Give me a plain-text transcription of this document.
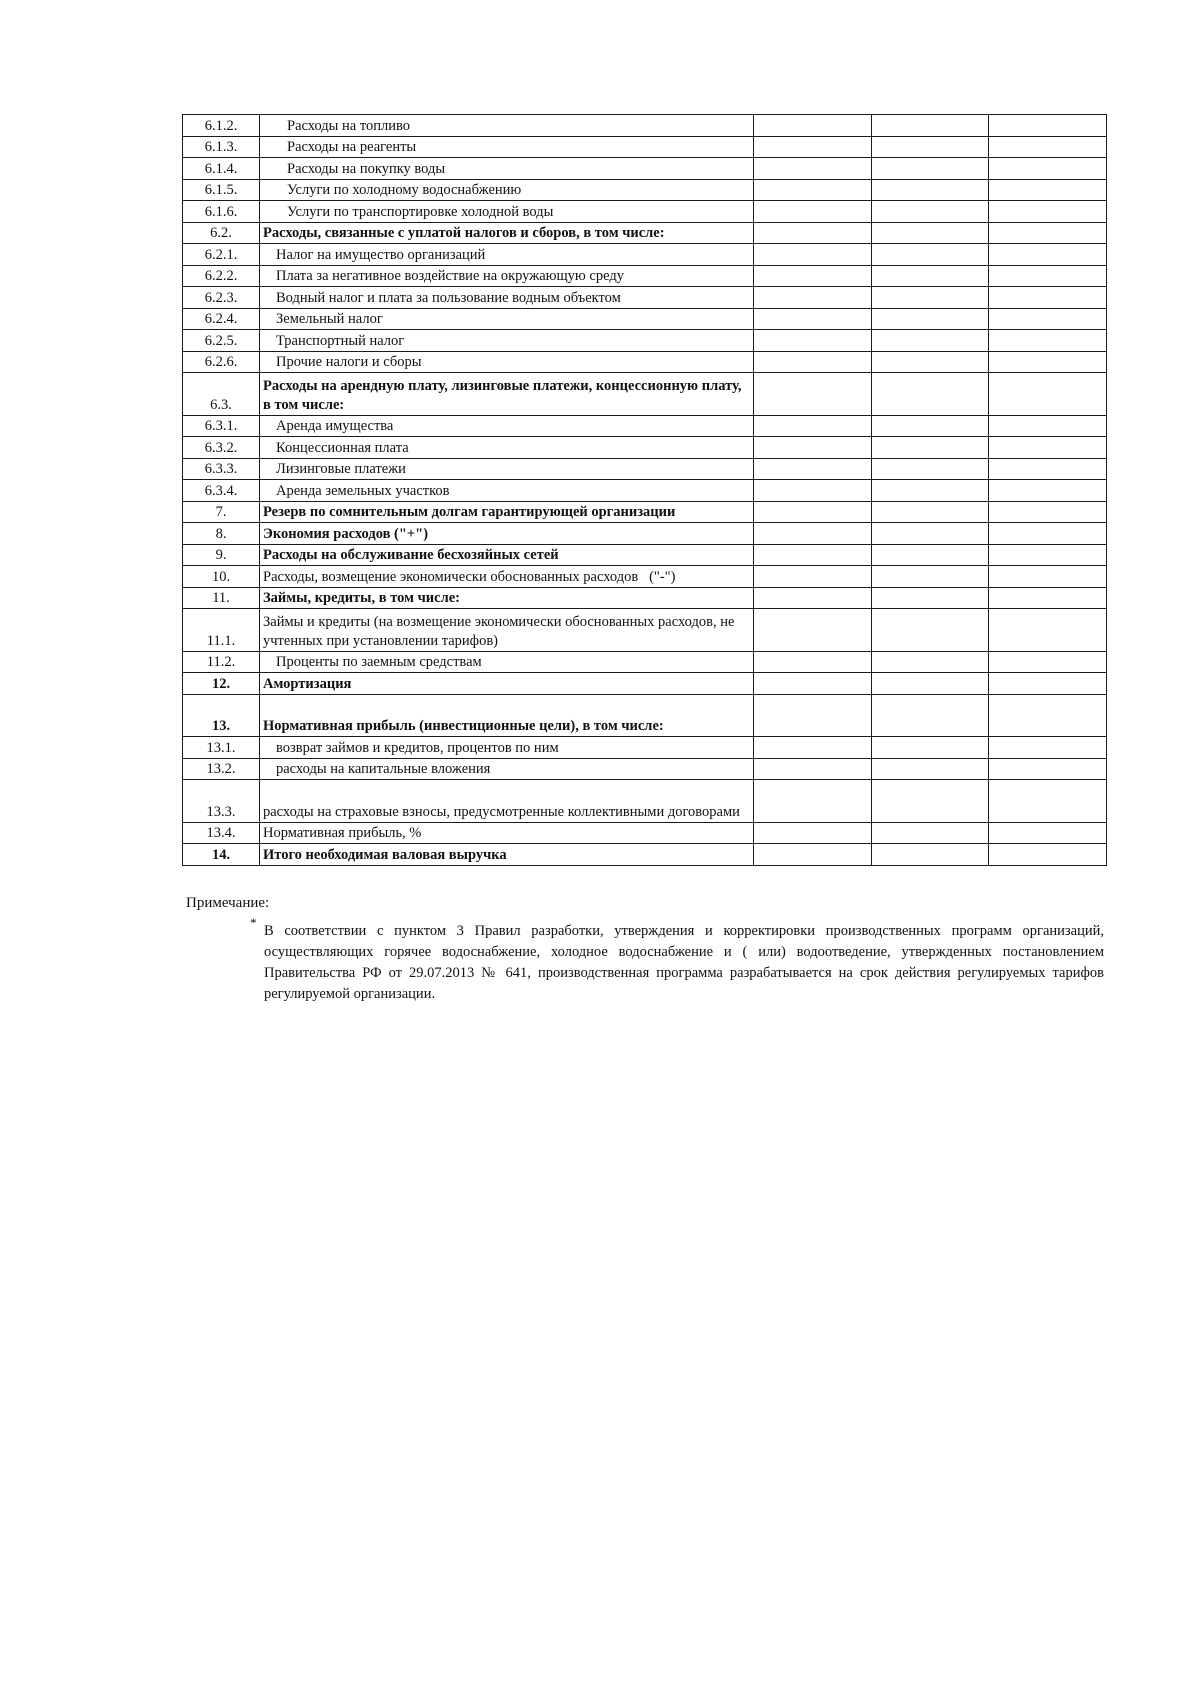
6.1.2.	Расходы на топливо			
6.1.3.	Расходы на реагенты			
6.1.4.	Расходы на покупку воды			
6.1.5.	Услуги по холодному водоснабжению			
6.1.6.	Услуги по транспортировке холодной воды			
6.2.	Расходы, связанные с уплатой налогов и сборов, в том числе:			
6.2.1.	Налог на имущество организаций			
6.2.2.	Плата за негативное воздействие на окружающую среду			
6.2.3.	Водный налог и плата за пользование водным объектом			
6.2.4.	Земельный налог			
6.2.5.	Транспортный налог			
6.2.6.	Прочие налоги и сборы			
6.3.	Расходы на арендную плату, лизинговые платежи, концессионную плату, в том числе:			
6.3.1.	Аренда имущества			
6.3.2.	Концессионная плата			
6.3.3.	Лизинговые платежи			
6.3.4.	Аренда земельных участков			
7.	Резерв по сомнительным долгам гарантирующей организации			
8.	Экономия расходов ("+")			
9.	Расходы на обслуживание бесхозяйных сетей			
10.	Расходы, возмещение экономически обоснованных расходов   ("-")			
11.	Займы, кредиты, в том числе:			
11.1.	Займы и кредиты (на возмещение экономически обоснованных расходов, не учтенных при установлении тарифов)			
11.2.	Проценты по заемным средствам			
12.	Амортизация			
13.	Нормативная прибыль (инвестиционные цели), в том числе:			
13.1.	возврат займов и кредитов, процентов по ним			
13.2.	расходы на капитальные вложения			
13.3.	расходы на страховые взносы, предусмотренные коллективными договорами			
13.4.	Нормативная прибыль, %			
14.	Итого необходимая валовая выручка			
Примечание:
*
В соответствии с пунктом 3 Правил разработки, утверждения и корректировки производственных программ организаций, осуществляющих горячее водоснабжение, холодное водоснабжение и ( или) водоотведение, утвержденных постановлением Правительства РФ от 29.07.2013 № 641, производственная программа разрабатывается на срок действия регулируемых тарифов регулируемой организации.
